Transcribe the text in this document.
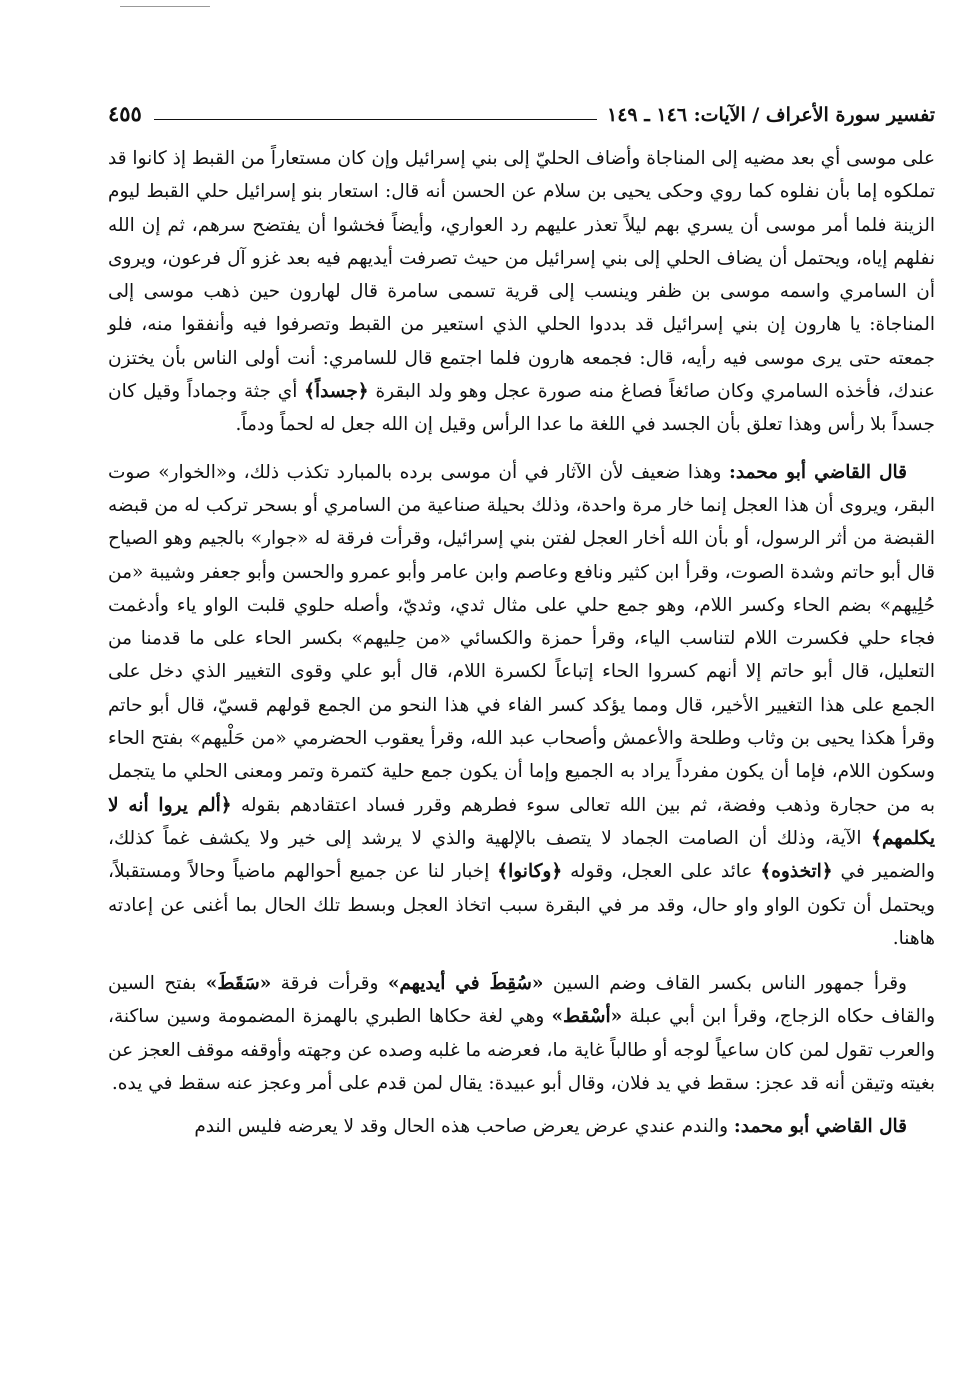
تفسير سورة الأعراف / الآيات: ١٤٦ ـ ١٤٩
٤٥٥

على موسى أي بعد مضيه إلى المناجاة وأضاف الحليّ إلى بني إسرائيل وإن كان مستعاراً من القبط إذ كانوا قد تملكوه إما بأن نفلوه كما روي وحكى يحيى بن سلام عن الحسن أنه قال: استعار بنو إسرائيل حلي القبط ليوم الزينة فلما أمر موسى أن يسري بهم ليلاً تعذر عليهم رد العواري، وأيضاً فخشوا أن يفتضح سرهم، ثم إن الله نفلهم إياه، ويحتمل أن يضاف الحلي إلى بني إسرائيل من حيث تصرفت أيديهم فيه بعد غزو آل فرعون، ويروى أن السامري واسمه موسى بن ظفر وينسب إلى قرية تسمى سامرة قال لهارون حين ذهب موسى إلى المناجاة: يا هارون إن بني إسرائيل قد بددوا الحلي الذي استعير من القبط وتصرفوا فيه وأنفقوا منه، فلو جمعته حتى يرى موسى فيه رأيه، قال: فجمعه هارون فلما اجتمع قال للسامري: أنت أولى الناس بأن يختزن عندك، فأخذه السامري وكان صائغاً فصاغ منه صورة عجل وهو ولد البقرة ﴿جسداً﴾ أي جثة وجماداً وقيل كان جسداً بلا رأس وهذا تعلق بأن الجسد في اللغة ما عدا الرأس وقيل إن الله جعل له لحماً ودماً.

قال القاضي أبو محمد: وهذا ضعيف لأن الآثار في أن موسى برده بالمبارد تكذب ذلك، و«الخوار» صوت البقر، ويروى أن هذا العجل إنما خار مرة واحدة، وذلك بحيلة صناعية من السامري أو بسحر تركب له من قبضه القبضة من أثر الرسول، أو بأن الله أخار العجل لفتن بني إسرائيل، وقرأت فرقة له «جوار» بالجيم وهو الصياح قال أبو حاتم وشدة الصوت، وقرأ ابن كثير ونافع وعاصم وابن عامر وأبو عمرو والحسن وأبو جعفر وشيبة «من حُلِيهم» بضم الحاء وكسر اللام، وهو جمع حلي على مثال ثدي، وثديّ، وأصله حلوي قلبت الواو ياء وأدغمت فجاء حلي فكسرت اللام لتناسب الياء، وقرأ حمزة والكسائي «من حِليهم» بكسر الحاء على ما قدمنا من التعليل، قال أبو حاتم إلا أنهم كسروا الحاء إتباعاً لكسرة اللام، قال أبو علي وقوى التغيير الذي دخل على الجمع على هذا التغيير الأخير، قال ومما يؤكد كسر الفاء في هذا النحو من الجمع قولهم قسيّ، قال أبو حاتم وقرأ هكذا يحيى بن وثاب وطلحة والأعمش وأصحاب عبد الله، وقرأ يعقوب الحضرمي «من حَلْيهم» بفتح الحاء وسكون اللام، فإما أن يكون مفرداً يراد به الجميع وإما أن يكون جمع حلية كتمرة وتمر ومعنى الحلي ما يتجمل به من حجارة وذهب وفضة، ثم بين الله تعالى سوء فطرهم وقرر فساد اعتقادهم بقوله ﴿ألم يروا أنه لا يكلمهم﴾ الآية، وذلك أن الصامت الجماد لا يتصف بالإلهية والذي لا يرشد إلى خير ولا يكشف غماً كذلك، والضمير في ﴿اتخذوه﴾ عائد على العجل، وقوله ﴿وكانوا﴾ إخبار لنا عن جميع أحوالهم ماضياً وحالاً ومستقبلاً، ويحتمل أن تكون الواو واو حال، وقد مر في البقرة سبب اتخاذ العجل وبسط تلك الحال بما أغنى عن إعادته هاهنا.

وقرأ جمهور الناس بكسر القاف وضم السين «سُقِطَ في أيديهم» وقرأت فرقة «سَقَطَ» بفتح السين والقاف حكاه الزجاج، وقرأ ابن أبي عبلة «أسْقط» وهي لغة حكاها الطبري بالهمزة المضمومة وسين ساكنة، والعرب تقول لمن كان ساعياً لوجه أو طالباً غاية ما، فعرضه ما غلبه وصده عن وجهته وأوقفه موقف العجز عن بغيته وتيقن أنه قد عجز: سقط في يد فلان، وقال أبو عبيدة: يقال لمن قدم على أمر وعجز عنه سقط في يده.

قال القاضي أبو محمد: والندم عندي عرض يعرض صاحب هذه الحال وقد لا يعرضه فليس الندم
